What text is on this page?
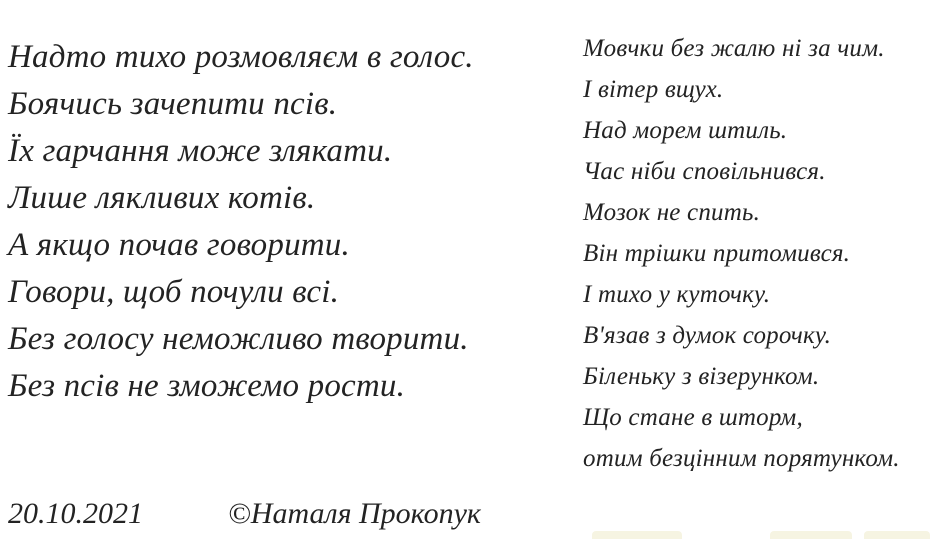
Надто тихо розмовляєм в голос.
Боячись зачепити псів.
Їх гарчання може злякати.
Лише лякливих котів.
А якщо почав говорити.
Говори, щоб почули всі.
Без голосу неможливо творити.
Без псів не зможемо рости.
Мовчки без жалю ні за чим.
І вітер вщух.
Над морем штиль.
Час ніби сповільнився.
Мозок не спить.
Він трішки притомився.
І тихо у куточку.
В'язав з думок сорочку.
Біленьку з візерунком.
Що стане в шторм,
отим безцінним порятунком.
20.10.2021	©Наталя Прокопук
